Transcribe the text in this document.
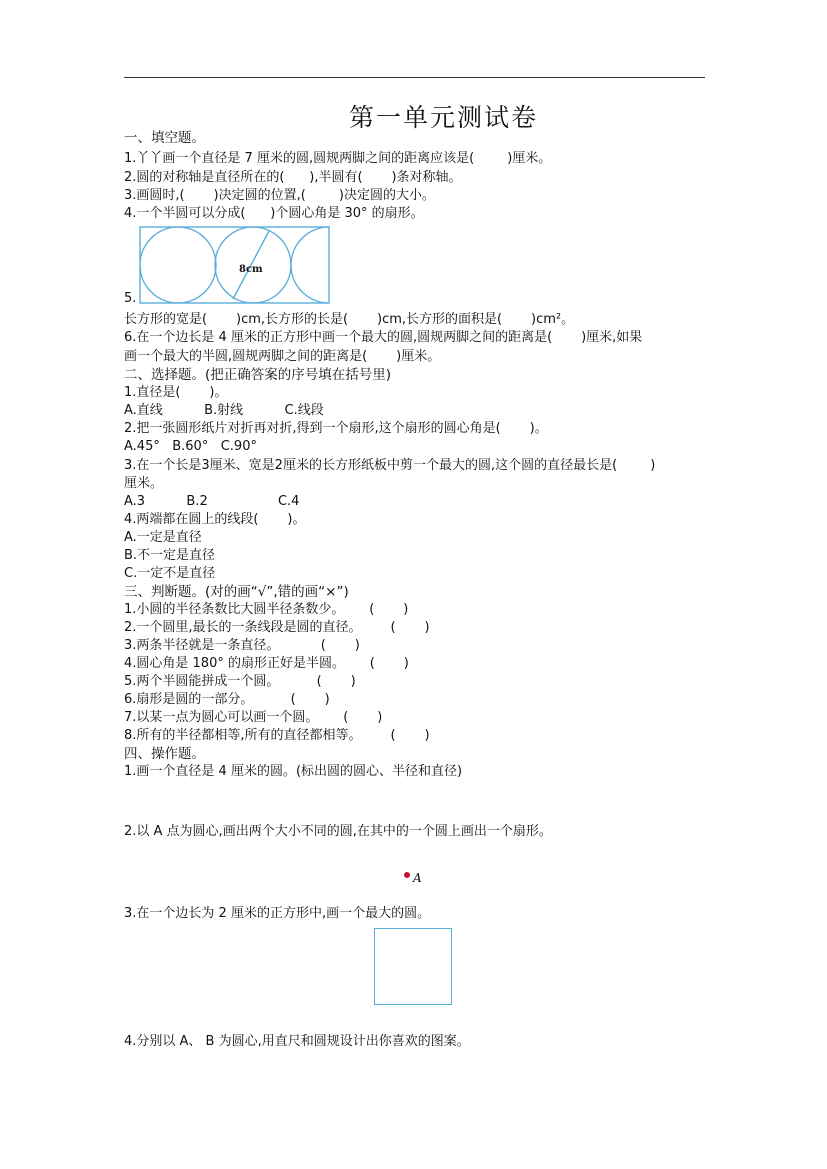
第一单元测试卷
一、填空题。
1.丫丫画一个直径是 7 厘米的圆,圆规两脚之间的距离应该是(        )厘米。
2.圆的对称轴是直径所在的(      ),半圆有(       )条对称轴。
3.画圆时,(       )决定圆的位置,(        )决定圆的大小。
4.一个半圆可以分成(      )个圆心角是 30° 的扇形。
8cm
5.
长方形的宽是(       )cm,长方形的长是(       )cm,长方形的面积是(       )cm²。
6.在一个边长是 4 厘米的正方形中画一个最大的圆,圆规两脚之间的距离是(       )厘米,如果
画一个最大的半圆,圆规两脚之间的距离是(       )厘米。
二、选择题。(把正确答案的序号填在括号里)
1.直径是(       )。
A.直线          B.射线          C.线段
2.把一张圆形纸片对折再对折,得到一个扇形,这个扇形的圆心角是(       )。
A.45°   B.60°   C.90°
3.在一个长是3厘米、宽是2厘米的长方形纸板中剪一个最大的圆,这个圆的直径最长是(        )
厘米。
A.3          B.2                 C.4
4.两端都在圆上的线段(       )。
A.一定是直径
B.不一定是直径
C.一定不是直径
三、判断题。(对的画“√”,错的画“×”)
1.小圆的半径条数比大圆半径条数少。      (       )
2.一个圆里,最长的一条线段是圆的直径。       (       )
3.两条半径就是一条直径。          (       )
4.圆心角是 180° 的扇形正好是半圆。      (       )
5.两个半圆能拼成一个圆。         (       )
6.扇形是圆的一部分。         (       )
7.以某一点为圆心可以画一个圆。      (       )
8.所有的半径都相等,所有的直径都相等。       (       )
四、操作题。
1.画一个直径是 4 厘米的圆。(标出圆的圆心、半径和直径)
2.以 A 点为圆心,画出两个大小不同的圆,在其中的一个圆上画出一个扇形。
A
3.在一个边长为 2 厘米的正方形中,画一个最大的圆。
4.分别以 A、 B 为圆心,用直尺和圆规设计出你喜欢的图案。
